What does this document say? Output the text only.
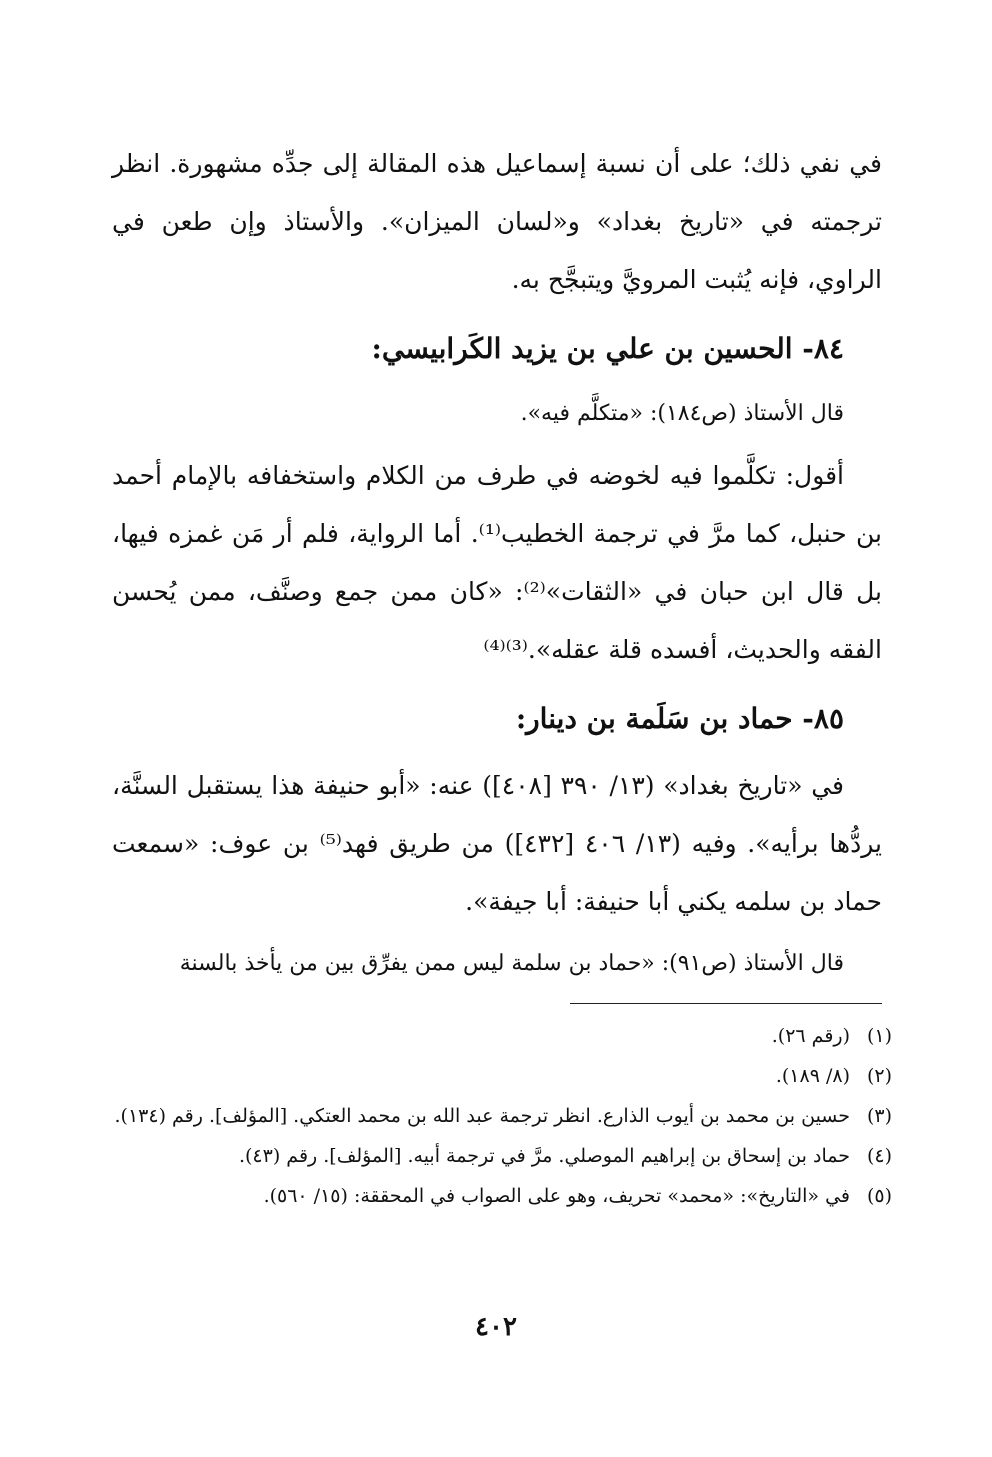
في نفي ذلك؛ على أن نسبة إسماعيل هذه المقالة إلى جدِّه مشهورة. انظر ترجمته في «تاريخ بغداد» و«لسان الميزان». والأستاذ وإن طعن في الراوي، فإنه يُثبت المرويَّ ويتبجَّح به.

٨٤- الحسين بن علي بن يزيد الكَرابيسي:

قال الأستاذ (ص١٨٤): «متكلَّم فيه».

أقول: تكلَّموا فيه لخوضه في طرف من الكلام واستخفافه بالإمام أحمد بن حنبل، كما مرَّ في ترجمة الخطيب⁽¹⁾. أما الرواية، فلم أر مَن غمزه فيها، بل قال ابن حبان في «الثقات»⁽²⁾: «كان ممن جمع وصنَّف، ممن يُحسن الفقه والحديث، أفسده قلة عقله».⁽³⁾⁽⁴⁾

٨٥- حماد بن سَلَمة بن دينار:

في «تاريخ بغداد» (١٣/ ٣٩٠ [٤٠٨]) عنه: «أبو حنيفة هذا يستقبل السنَّة، يردُّها برأيه». وفيه (١٣/ ٤٠٦ [٤٣٢]) من طريق فهد⁽⁵⁾ بن عوف: «سمعت حماد بن سلمه يكني أبا حنيفة: أبا جيفة».

قال الأستاذ (ص٩١): «حماد بن سلمة ليس ممن يفرِّق بين من يأخذ بالسنة

(١)
(رقم ٢٦).
(٢)
(٨/ ١٨٩).
(٣)
حسين بن محمد بن أيوب الذارع. انظر ترجمة عبد الله بن محمد العتكي. [المؤلف]. رقم (١٣٤).
(٤)
حماد بن إسحاق بن إبراهيم الموصلي. مرَّ في ترجمة أبيه. [المؤلف]. رقم (٤٣).
(٥)
في «التاريخ»: «محمد» تحريف، وهو على الصواب في المحققة: (١٥/ ٥٦٠).
٤٠٢
